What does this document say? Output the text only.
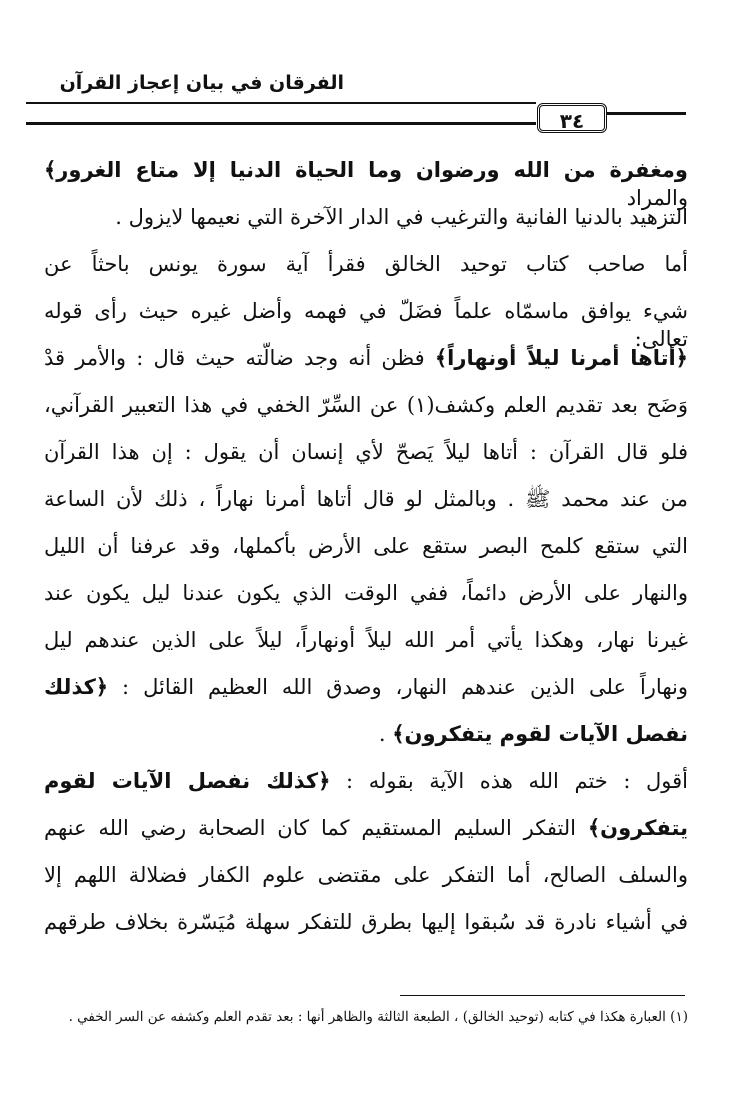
الفرقان في بيان إعجاز القرآن
٣٤
ومغفرة من الله ورضوان وما الحياة الدنيا إلا متاع الغرور﴾ والمراد
التزهيد بالدنيا الفانية والترغيب في الدار الآخرة التي نعيمها لايزول .
أما صاحب كتاب توحيد الخالق فقرأ آية سورة يونس باحثاً عن
شيء يوافق ماسمّاه علماً فضَلّ في فهمه وأضل غيره حيث رأى قوله تعالى:
﴿أتاها أمرنا ليلاً أونهاراً﴾ فظن أنه وجد ضالّته حيث قال : والأمر قدْ
وَضَح بعد تقديم العلم وكشف(١) عن السِّرّ الخفي في هذا التعبير القرآني،
فلو قال القرآن : أتاها ليلاً يَصحّ لأي إنسان أن يقول : إن هذا القرآن
من عند محمد ﷺ . وبالمثل لو قال أتاها أمرنا نهاراً ، ذلك لأن الساعة
التي ستقع كلمح البصر ستقع على الأرض بأكملها، وقد عرفنا أن الليل
والنهار على الأرض دائماً، ففي الوقت الذي يكون عندنا ليل يكون عند
غيرنا نهار، وهكذا يأتي أمر الله ليلاً أونهاراً، ليلاً على الذين عندهم ليل
ونهاراً على الذين عندهم النهار، وصدق الله العظيم القائل : ﴿كذلك
نفصل الآيات لقوم يتفكرون﴾ .
أقول : ختم الله هذه الآية بقوله : ﴿كذلك نفصل الآيات لقوم
يتفكرون﴾ التفكر السليم المستقيم كما كان الصحابة رضي الله عنهم
والسلف الصالح، أما التفكر على مقتضى علوم الكفار فضلالة اللهم إلا
في أشياء نادرة قد سُبقوا إليها بطرق للتفكر سهلة مُيَسّرة بخلاف طرقهم
(١) العبارة هكذا في كتابه (توحيد الخالق) ، الطبعة الثالثة والظاهر أنها : بعد تقدم العلم وكشفه عن السر الخفي .
